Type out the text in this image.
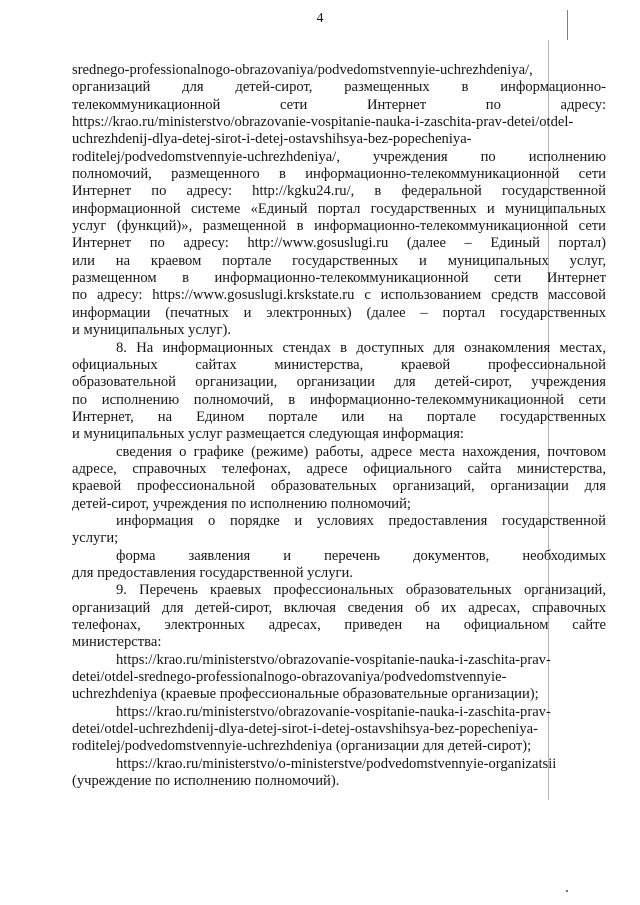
4
srednego-professionalnogo-obrazovaniya/podvedomstvennyie-uchrezhdeniya/,
организаций для детей-сирот, размещенных в информационно-
телекоммуникационной сети Интернет по адресу:
https://krao.ru/ministerstvo/obrazovanie-vospitanie-nauka-i-zaschita-prav-detei/otdel-
uchrezhdenij-dlya-detej-sirot-i-detej-ostavshihsya-bez-popecheniya-
roditelej/podvedomstvennyie-uchrezhdeniya/, учреждения по исполнению
полномочий, размещенного в информационно-телекоммуникационной сети
Интернет по адресу: http://kgku24.ru/, в федеральной государственной
информационной системе «Единый портал государственных и муниципальных
услуг (функций)», размещенной в информационно-телекоммуникационной сети
Интернет по адресу: http://www.gosuslugi.ru (далее – Единый портал)
или на краевом портале государственных и муниципальных услуг,
размещенном в информационно-телекоммуникационной сети Интернет
по адресу: https://www.gosuslugi.krskstate.ru с использованием средств массовой
информации (печатных и электронных) (далее – портал государственных
и муниципальных услуг).
8. На информационных стендах в доступных для ознакомления местах,
официальных сайтах министерства, краевой профессиональной
образовательной организации, организации для детей-сирот, учреждения
по исполнению полномочий, в информационно-телекоммуникационной сети
Интернет, на Едином портале или на портале государственных
и муниципальных услуг размещается следующая информация:
сведения о графике (режиме) работы, адресе места нахождения, почтовом
адресе, справочных телефонах, адресе официального сайта министерства,
краевой профессиональной образовательных организаций, организации для
детей-сирот, учреждения по исполнению полномочий;
информация о порядке и условиях предоставления государственной
услуги;
форма заявления и перечень документов, необходимых
для предоставления государственной услуги.
9. Перечень краевых профессиональных образовательных организаций,
организаций для детей-сирот, включая сведения об их адресах, справочных
телефонах, электронных адресах, приведен на официальном сайте
министерства:
https://krao.ru/ministerstvo/obrazovanie-vospitanie-nauka-i-zaschita-prav-
detei/otdel-srednego-professionalnogo-obrazovaniya/podvedomstvennyie-
uchrezhdeniya (краевые профессиональные образовательные организации);
https://krao.ru/ministerstvo/obrazovanie-vospitanie-nauka-i-zaschita-prav-
detei/otdel-uchrezhdenij-dlya-detej-sirot-i-detej-ostavshihsya-bez-popecheniya-
roditelej/podvedomstvennyie-uchrezhdeniya (организации для детей-сирот);
https://krao.ru/ministerstvo/o-ministerstve/podvedomstvennyie-organizatsii
(учреждение по исполнению полномочий).
